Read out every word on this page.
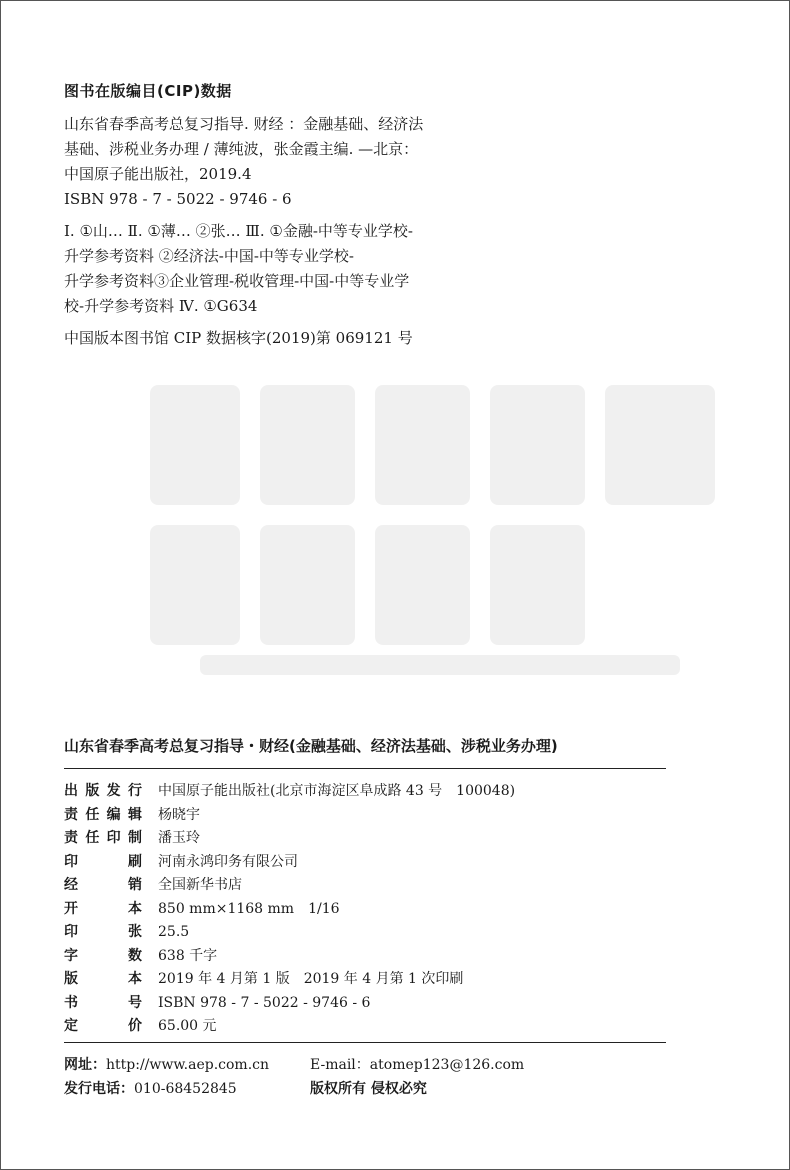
图书在版编目(CIP)数据
山东省春季高考总复习指导. 财经 ：金融基础、经济法
基础、涉税业务办理 / 薄纯波，张金霞主编. —北京：
中国原子能出版社，2019.4
ISBN 978 - 7 - 5022 - 9746 - 6
Ⅰ. ①山… Ⅱ. ①薄… ②张… Ⅲ. ①金融-中等专业学校-
升学参考资料 ②经济法-中国-中等专业学校-
升学参考资料③企业管理-税收管理-中国-中等专业学
校-升学参考资料 Ⅳ. ①G634
中国版本图书馆 CIP 数据核字(2019)第 069121 号
山东省春季高考总复习指导・财经(金融基础、经济法基础、涉税业务办理)
出 版 发 行 中国原子能出版社(北京市海淀区阜成路 43 号　100048)
责 任 编 辑 杨晓宇
责 任 印 制 潘玉玲
印	刷 河南永鸿印务有限公司
经	销 全国新华书店
开	本 850 mm×1168 mm　1/16
印	张 25.5
字	数 638 千字
版	本 2019 年 4 月第 1 版　2019 年 4 月第 1 次印刷
书	号 ISBN 978 - 7 - 5022 - 9746 - 6
定	价 65.00 元
网址：http://www.aep.com.cn	E-mail：atomep123@126.com
发行电话：010-68452845	版权所有 侵权必究
